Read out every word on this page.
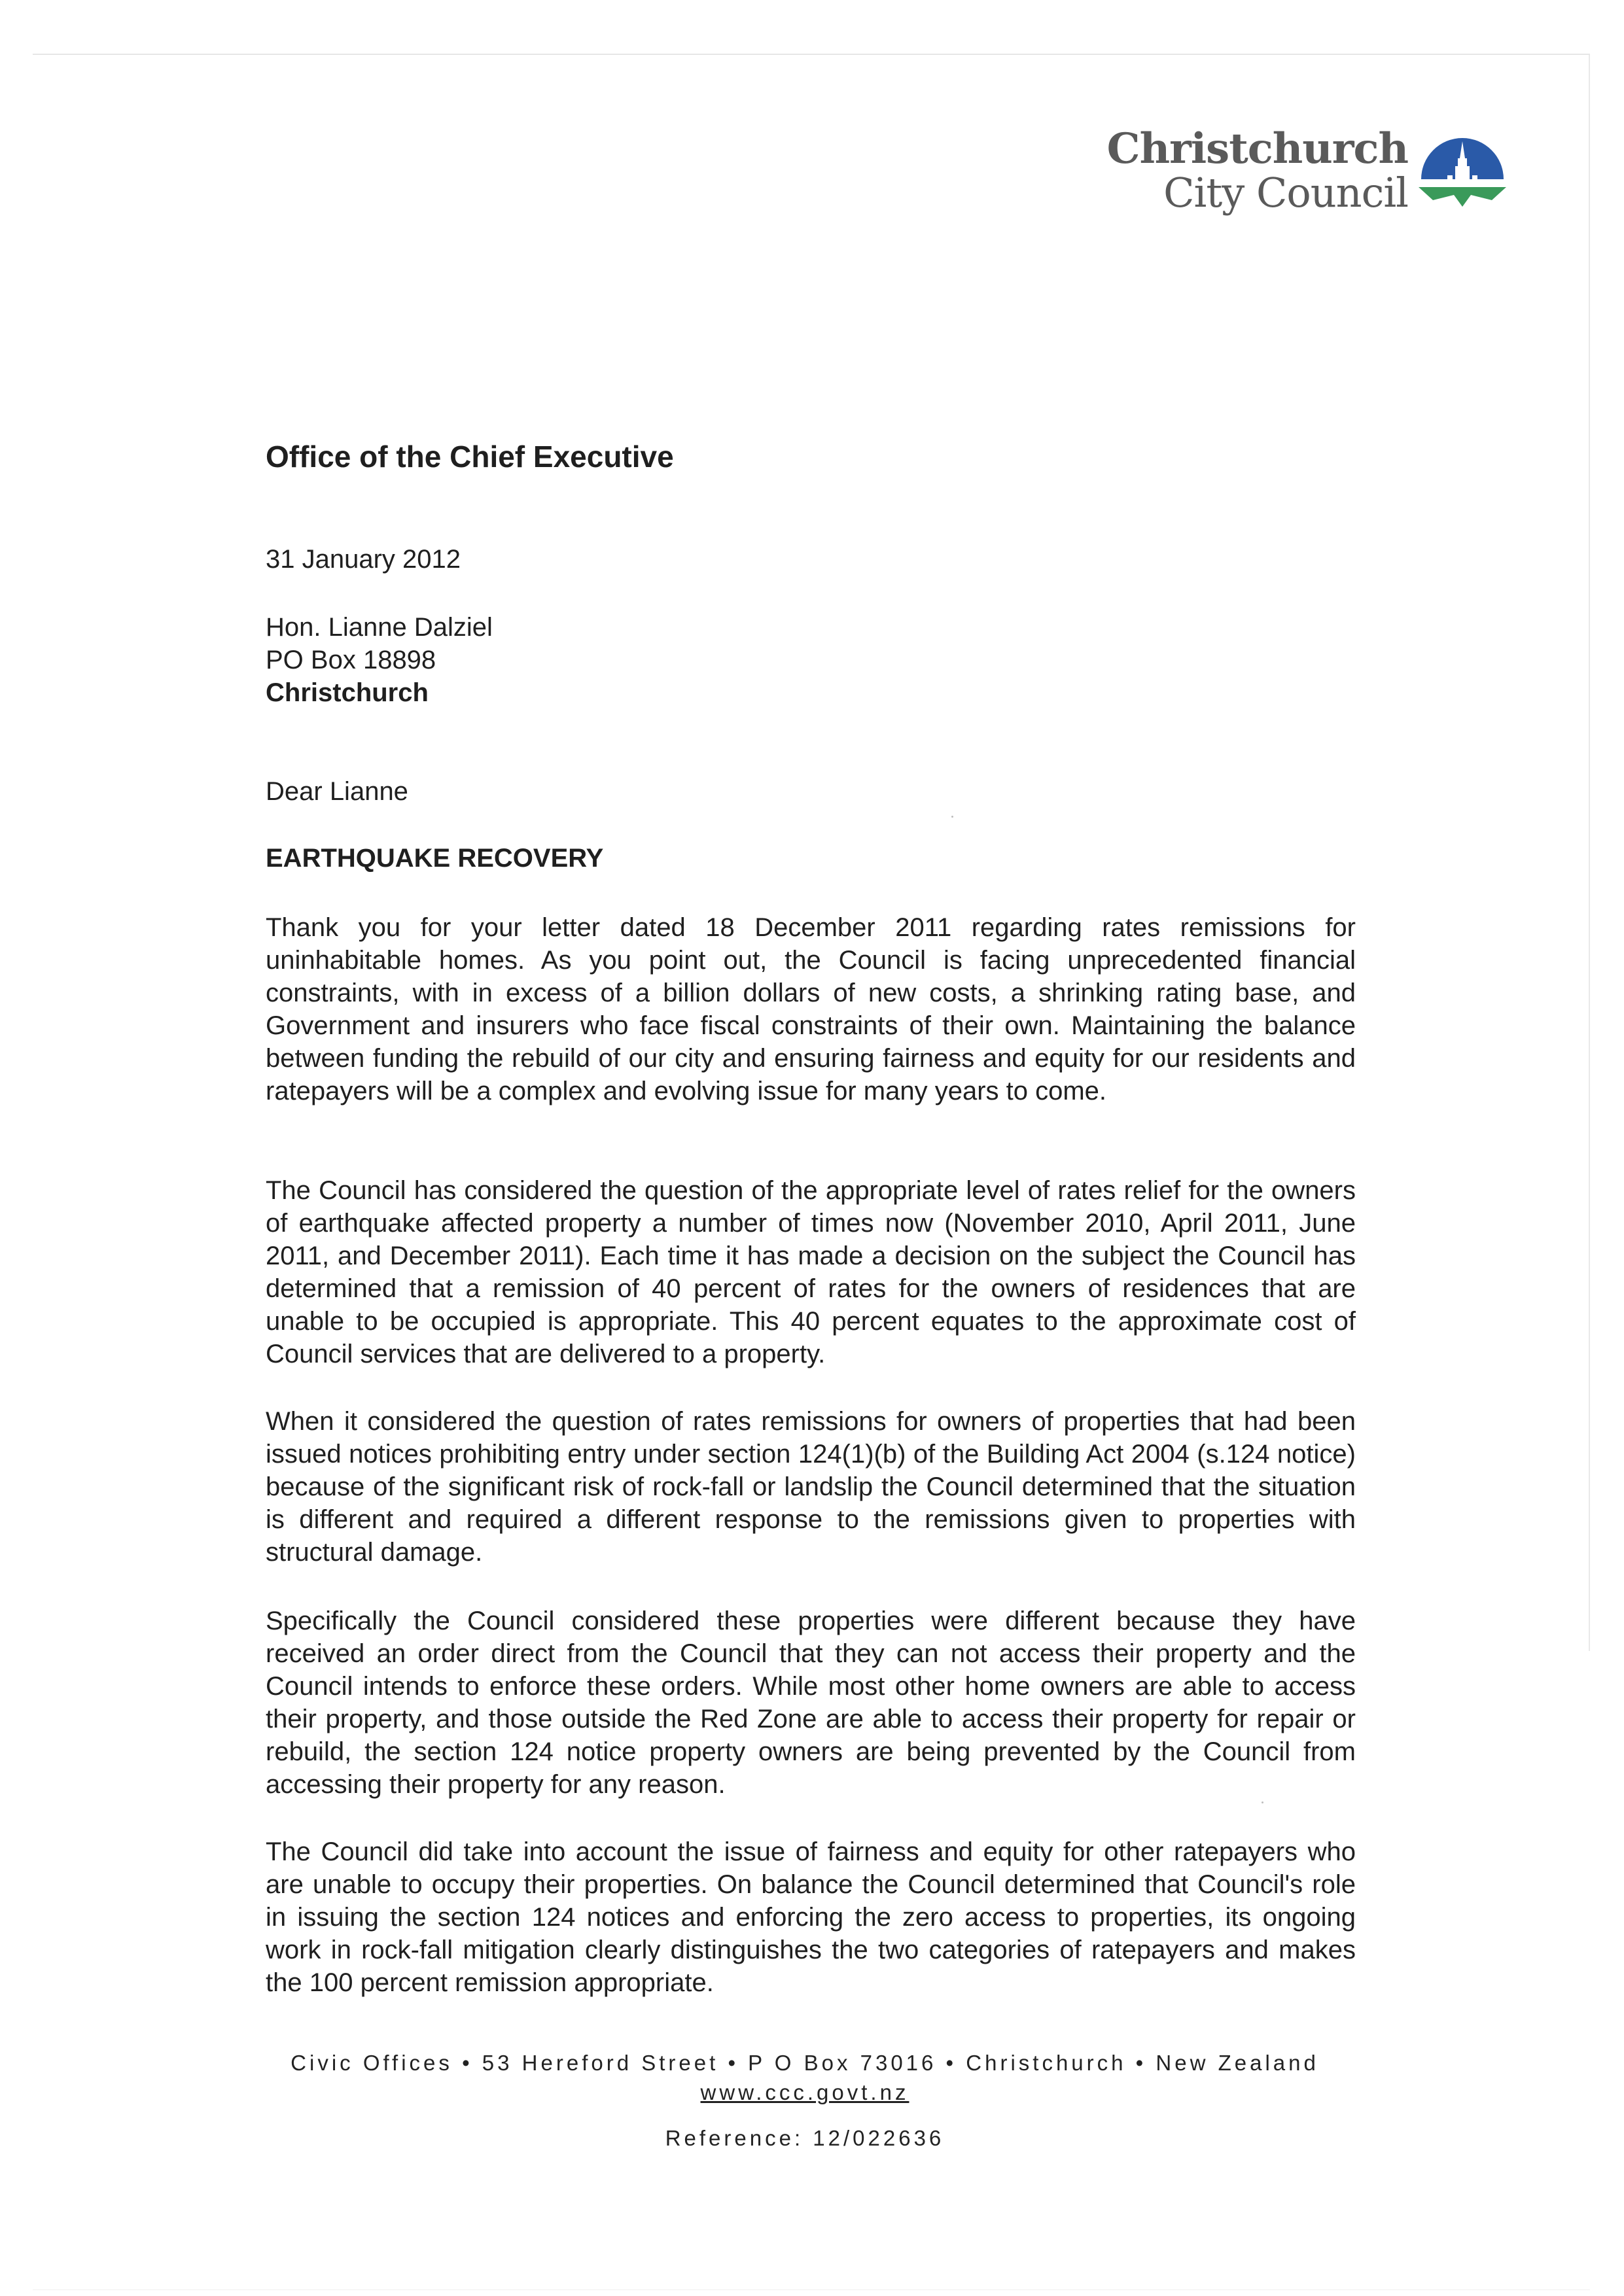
Christchurch
City Council
Office of the Chief Executive
31 January 2012
Hon. Lianne Dalziel
PO Box 18898
Christchurch
Dear Lianne
EARTHQUAKE RECOVERY
Thank you for your letter dated 18 December 2011 regarding rates remissions for uninhabitable homes. As you point out, the Council is facing unprecedented financial constraints, with in excess of a billion dollars of new costs, a shrinking rating base, and Government and insurers who face fiscal constraints of their own. Maintaining the balance between funding the rebuild of our city and ensuring fairness and equity for our residents and ratepayers will be a complex and evolving issue for many years to come.
The Council has considered the question of the appropriate level of rates relief for the owners of earthquake affected property a number of times now (November 2010, April 2011, June 2011, and December 2011). Each time it has made a decision on the subject the Council has determined that a remission of 40 percent of rates for the owners of residences that are unable to be occupied is appropriate. This 40 percent equates to the approximate cost of Council services that are delivered to a property.
When it considered the question of rates remissions for owners of properties that had been issued notices prohibiting entry under section 124(1)(b) of the Building Act 2004 (s.124 notice) because of the significant risk of rock-fall or landslip the Council determined that the situation is different and required a different response to the remissions given to properties with structural damage.
Specifically the Council considered these properties were different because they have received an order direct from the Council that they can not access their property and the Council intends to enforce these orders. While most other home owners are able to access their property, and those outside the Red Zone are able to access their property for repair or rebuild, the section 124 notice property owners are being prevented by the Council from accessing their property for any reason.
The Council did take into account the issue of fairness and equity for other ratepayers who are unable to occupy their properties. On balance the Council determined that Council's role in issuing the section 124 notices and enforcing the zero access to properties, its ongoing work in rock-fall mitigation clearly distinguishes the two categories of ratepayers and makes the 100 percent remission appropriate.
Civic Offices • 53 Hereford Street • P O Box 73016 • Christchurch • New Zealand
www.ccc.govt.nz
Reference: 12/022636
